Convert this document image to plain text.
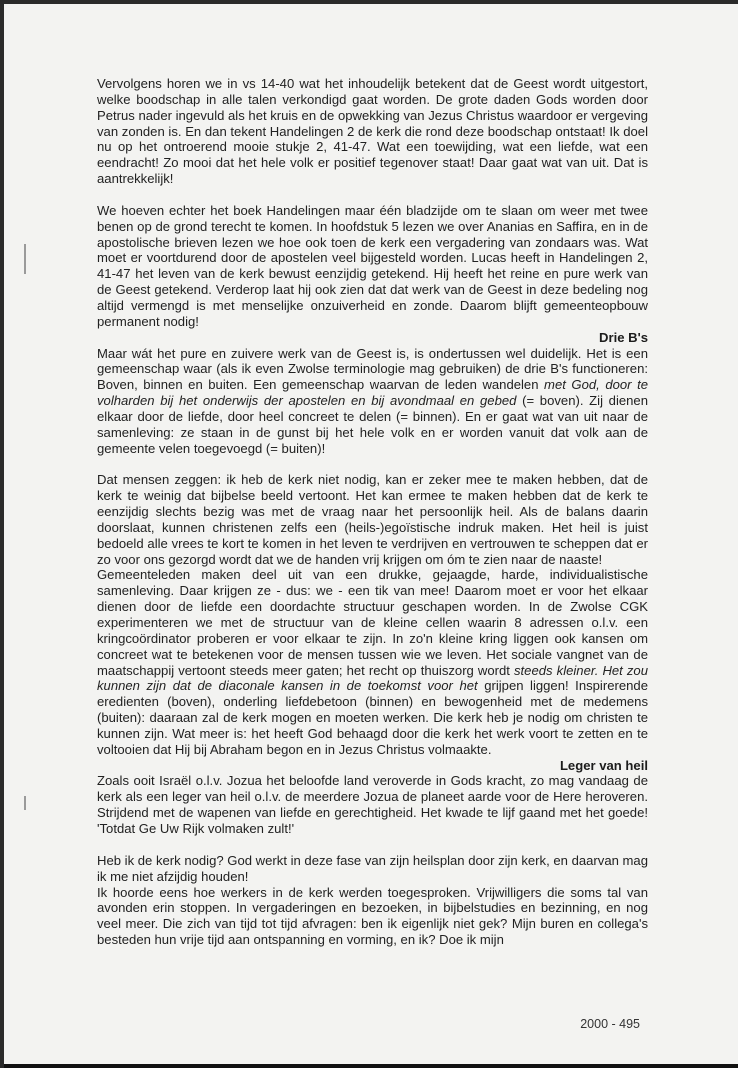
Vervolgens horen we in vs 14-40 wat het inhoudelijk betekent dat de Geest wordt uitgestort, welke boodschap in alle talen verkondigd gaat worden. De grote daden Gods worden door Petrus nader ingevuld als het kruis en de opwekking van Jezus Christus waardoor er vergeving van zonden is. En dan tekent Handelingen 2 de kerk die rond deze boodschap ontstaat! Ik doel nu op het ontroerend mooie stukje 2, 41-47. Wat een toewijding, wat een liefde, wat een eendracht! Zo mooi dat het hele volk er positief tegenover staat! Daar gaat wat van uit. Dat is aantrekkelijk!

We hoeven echter het boek Handelingen maar één bladzijde om te slaan om weer met twee benen op de grond terecht te komen. In hoofdstuk 5 lezen we over Ananias en Saffira, en in de apostolische brieven lezen we hoe ook toen de kerk een vergadering van zondaars was. Wat moet er voortdurend door de apostelen veel bijgesteld worden. Lucas heeft in Handelingen 2, 41-47 het leven van de kerk bewust eenzijdig getekend. Hij heeft het reine en pure werk van de Geest getekend. Verderop laat hij ook zien dat dat werk van de Geest in deze bedeling nog altijd vermengd is met menselijke onzuiverheid en zonde. Daarom blijft gemeenteopbouw permanent nodig!

Drie B's

Maar wát het pure en zuivere werk van de Geest is, is ondertussen wel duidelijk. Het is een gemeenschap waar (als ik even Zwolse terminologie mag gebruiken) de drie B's functioneren: Boven, binnen en buiten. Een gemeenschap waarvan de leden wandelen met God, door te volharden bij het onderwijs der apostelen en bij avondmaal en gebed (= boven). Zij dienen elkaar door de liefde, door heel concreet te delen (= binnen). En er gaat wat van uit naar de samenleving: ze staan in de gunst bij het hele volk en er worden vanuit dat volk aan de gemeente velen toegevoegd (= buiten)!

Dat mensen zeggen: ik heb de kerk niet nodig, kan er zeker mee te maken hebben, dat de kerk te weinig dat bijbelse beeld vertoont. Het kan ermee te maken hebben dat de kerk te eenzijdig slechts bezig was met de vraag naar het persoonlijk heil. Als de balans daarin doorslaat, kunnen christenen zelfs een (heils-)egoïstische indruk maken. Het heil is juist bedoeld alle vrees te kort te komen in het leven te verdrijven en vertrouwen te scheppen dat er zo voor ons gezorgd wordt dat we de handen vrij krijgen om óm te zien naar de naaste!

Gemeenteleden maken deel uit van een drukke, gejaagde, harde, individualistische samenleving. Daar krijgen ze - dus: we - een tik van mee! Daarom moet er voor het elkaar dienen door de liefde een doordachte structuur geschapen worden. In de Zwolse CGK experimenteren we met de structuur van de kleine cellen waarin 8 adressen o.l.v. een kringcoördinator proberen er voor elkaar te zijn. In zo'n kleine kring liggen ook kansen om concreet wat te betekenen voor de mensen tussen wie we leven. Het sociale vangnet van de maatschappij vertoont steeds meer gaten; het recht op thuiszorg wordt steeds kleiner. Het zou kunnen zijn dat de diaconale kansen in de toekomst voor het grijpen liggen! Inspirerende eredienten (boven), onderling liefdebetoon (binnen) en bewogenheid met de medemens (buiten): daaraan zal de kerk mogen en moeten werken. Die kerk heb je nodig om christen te kunnen zijn. Wat meer is: het heeft God behaagd door die kerk het werk voort te zetten en te voltooien dat Hij bij Abraham begon en in Jezus Christus volmaakte.

Leger van heil

Zoals ooit Israël o.l.v. Jozua het beloofde land veroverde in Gods kracht, zo mag vandaag de kerk als een leger van heil o.l.v. de meerdere Jozua de planeet aarde voor de Here heroveren. Strijdend met de wapenen van liefde en gerechtigheid. Het kwade te lijf gaand met het goede! 'Totdat Ge Uw Rijk volmaken zult!'

Heb ik de kerk nodig? God werkt in deze fase van zijn heilsplan door zijn kerk, en daarvan mag ik me niet afzijdig houden!

Ik hoorde eens hoe werkers in de kerk werden toegesproken. Vrijwilligers die soms tal van avonden erin stoppen. In vergaderingen en bezoeken, in bijbelstudies en bezinning, en nog veel meer. Die zich van tijd tot tijd afvragen: ben ik eigenlijk niet gek? Mijn buren en collega's besteden hun vrije tijd aan ontspanning en vorming, en ik? Doe ik mijn

2000 - 495
